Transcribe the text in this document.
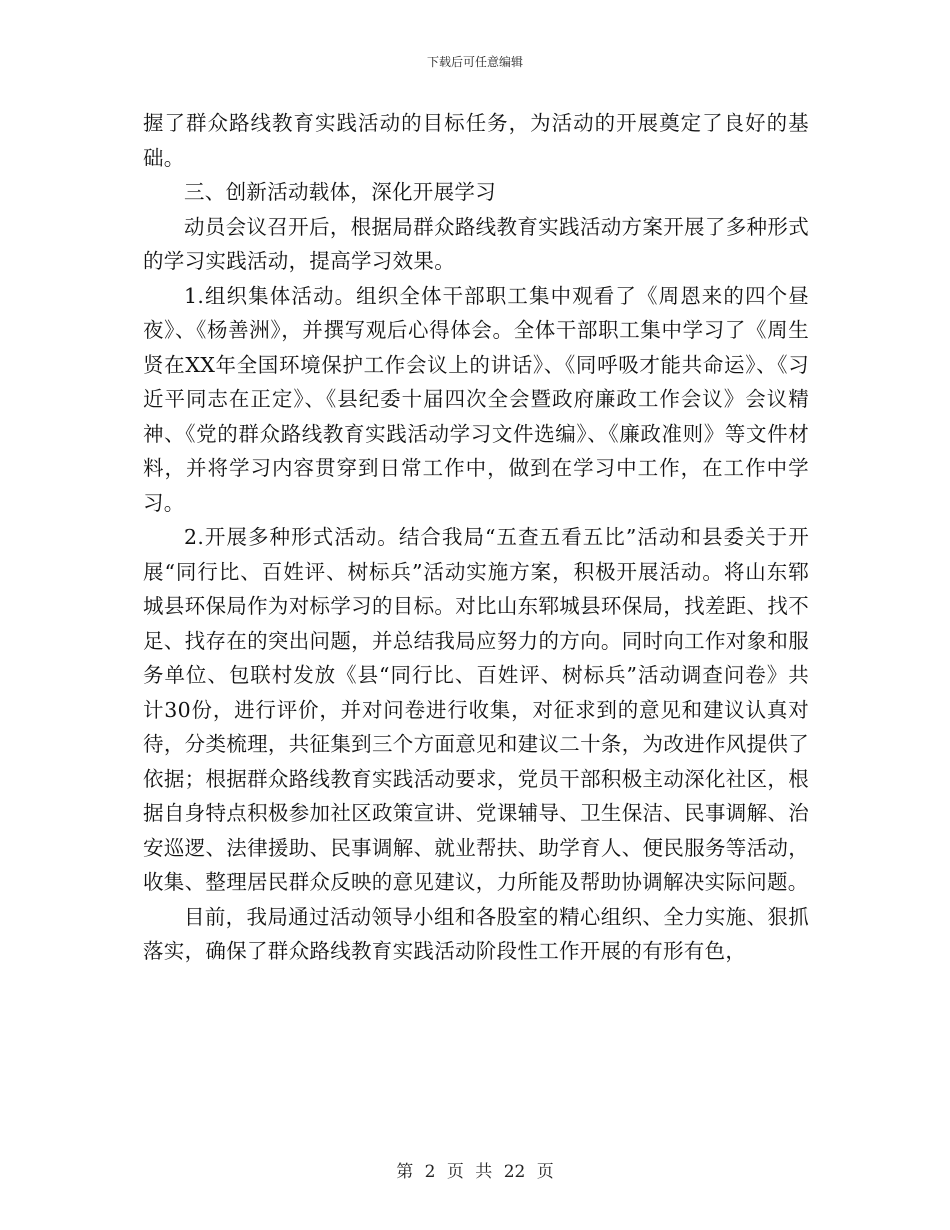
下载后可任意编辑

握了群众路线教育实践活动的目标任务，为活动的开展奠定了良好的基础。

三、创新活动载体，深化开展学习

动员会议召开后，根据局群众路线教育实践活动方案开展了多种形式的学习实践活动，提高学习效果。

1.组织集体活动。组织全体干部职工集中观看了《周恩来的四个昼夜》、《杨善洲》，并撰写观后心得体会。全体干部职工集中学习了《周生贤在XX年全国环境保护工作会议上的讲话》、《同呼吸才能共命运》、《习近平同志在正定》、《县纪委十届四次全会暨政府廉政工作会议》会议精神、《党的群众路线教育实践活动学习文件选编》、《廉政准则》等文件材料，并将学习内容贯穿到日常工作中，做到在学习中工作，在工作中学习。

2.开展多种形式活动。结合我局“五查五看五比”活动和县委关于开展“同行比、百姓评、树标兵”活动实施方案，积极开展活动。将山东郓城县环保局作为对标学习的目标。对比山东郓城县环保局，找差距、找不足、找存在的突出问题，并总结我局应努力的方向。同时向工作对象和服务单位、包联村发放《县“同行比、百姓评、树标兵”活动调查问卷》共计30份，进行评价，并对问卷进行收集，对征求到的意见和建议认真对待，分类梳理，共征集到三个方面意见和建议二十条，为改进作风提供了依据；根据群众路线教育实践活动要求，党员干部积极主动深化社区，根据自身特点积极参加社区政策宣讲、党课辅导、卫生保洁、民事调解、治安巡逻、法律援助、民事调解、就业帮扶、助学育人、便民服务等活动，收集、整理居民群众反映的意见建议，力所能及帮助协调解决实际问题。

目前，我局通过活动领导小组和各股室的精心组织、全力实施、狠抓落实，确保了群众路线教育实践活动阶段性工作开展的有形有色，

第 2 页 共 22 页
